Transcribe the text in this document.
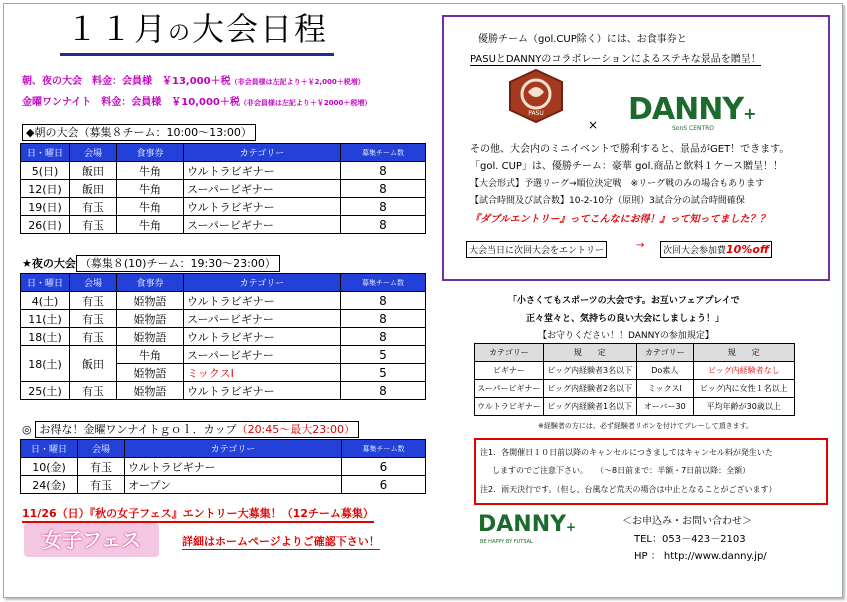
１１月の大会日程
朝、夜の大会　料金：会員様　￥13,000＋税（非会員様は左記より＋￥2,000＋税増）
金曜ワンナイト　料金：会員様　￥10,000＋税（非会員様は左記より＋￥2000＋税増）
◆朝の大会（募集８チーム：10:00～13:00）
日・曜日	会場	食事券	カテゴリー	募集チーム数
5(日)	飯田	牛角	ウルトラビギナー	8
12(日)	飯田	牛角	スーパービギナー	8
19(日)	有玉	牛角	ウルトラビギナー	8
26(日)	有玉	牛角	スーパービギナー	8
★夜の大会 （募集８(10)チーム：19:30～23:00）
日・曜日	会場	食事券	カテゴリー	募集チーム数
4(土)	有玉	姫物語	ウルトラビギナー	8
11(土)	有玉	姫物語	スーパービギナー	8
18(土)	有玉	姫物語	ウルトラビギナー	8
18(土)	飯田	牛角	スーパービギナー	5
		姫物語	ミックスⅠ	5
25(土)	有玉	姫物語	ウルトラビギナー	8
◎ お得な！金曜ワンナイトｇｏｌ．カップ（20:45～最大23:00）
日・曜日	会場	カテゴリー	募集チーム数
10(金)	有玉	ウルトラビギナー	6
24(金)	有玉	オープン	6
11/26（日）『秋の女子フェス』エントリー大募集！（12チーム募集）
女子フェス	詳細はホームページよりご確認下さい！
優勝チーム（gol.CUP除く）には、お食事券と
PASUとDANNYのコラボレーションによるステキな景品を贈呈！
PASU
× DANNY+
SonS CENTRO
その他、大会内のミニイベントで勝利すると、景品がGET！できます。
「gol. CUP」は、優勝チーム：豪華 gol.商品と飲料１ケース贈呈！！
【大会形式】予選リーグ→順位決定戦　※リーグ戦のみの場合もあります
【試合時間及び試合数】10-2-10分（原則）3試合分の試合時間確保
『ダブルエントリー』ってこんなにお得！』って知ってました？？
大会当日に次回大会をエントリー	→	次回大会参加費10%off
「小さくてもスポーツの大会です。お互いフェアプレイで
正々堂々と、気持ちの良い大会にしましょう！」
【お守りください！！DANNYの参加規定】
カテゴリー	規　　定	カテゴリー	規　　定
ビギナー	ビッグ内経験者3名以下	Do素人	ビッグ内経験者なし
スーパービギナー	ビッグ内経験者2名以下	ミックスⅠ	ビッグ内に女性１名以上
ウルトラビギナー	ビッグ内経験者1名以下	オーバー30	平均年齢が30歳以上
※経験者の方には、必ず経験者リボンを付けてプレーして頂きます。
注1．各開催日１０日前以降のキャンセルにつきましてはキャンセル料が発生いた
しますのでご注意下さい。　　（～8日前まで：半額・7日前以降：全額）
注2．雨天決行です。（但し、台風など荒天の場合は中止となることがございます）
DANNY+
BE HAPPY BY FUTSAL
＜お申込み・お問い合わせ＞
TEL：053－423－2103
HP ： http://www.danny.jp/
